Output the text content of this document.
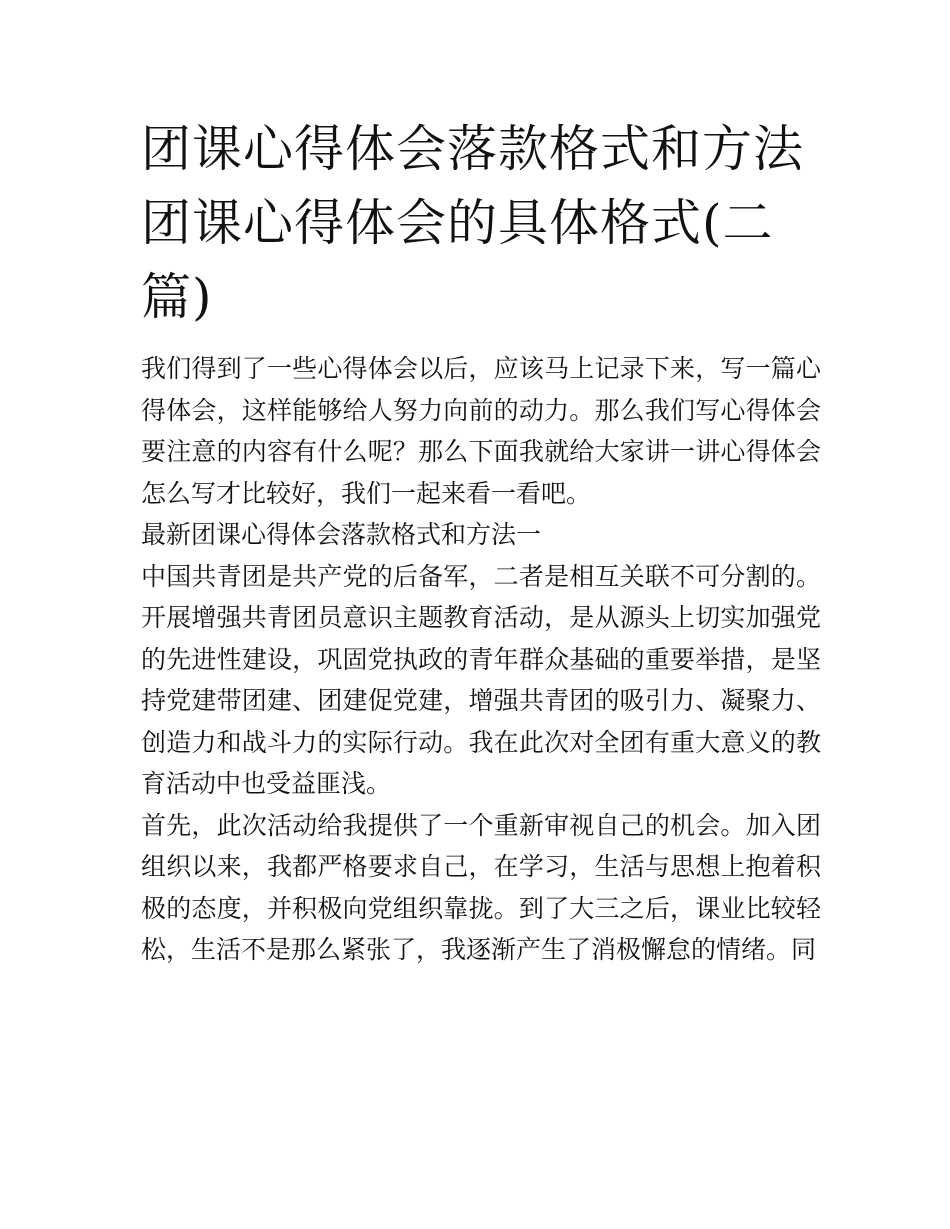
团课心得体会落款格式和方法团课心得体会的具体格式(二篇)

我们得到了一些心得体会以后，应该马上记录下来，写一篇心得体会，这样能够给人努力向前的动力。那么我们写心得体会要注意的内容有什么呢？那么下面我就给大家讲一讲心得体会怎么写才比较好，我们一起来看一看吧。

最新团课心得体会落款格式和方法一

中国共青团是共产党的后备军，二者是相互关联不可分割的。开展增强共青团员意识主题教育活动，是从源头上切实加强党的先进性建设，巩固党执政的青年群众基础的重要举措，是坚持党建带团建、团建促党建，增强共青团的吸引力、凝聚力、创造力和战斗力的实际行动。我在此次对全团有重大意义的教育活动中也受益匪浅。

首先，此次活动给我提供了一个重新审视自己的机会。加入团组织以来，我都严格要求自己，在学习，生活与思想上抱着积极的态度，并积极向党组织靠拢。到了大三之后，课业比较轻松，生活不是那么紧张了，我逐渐产生了消极懈怠的情绪。同
